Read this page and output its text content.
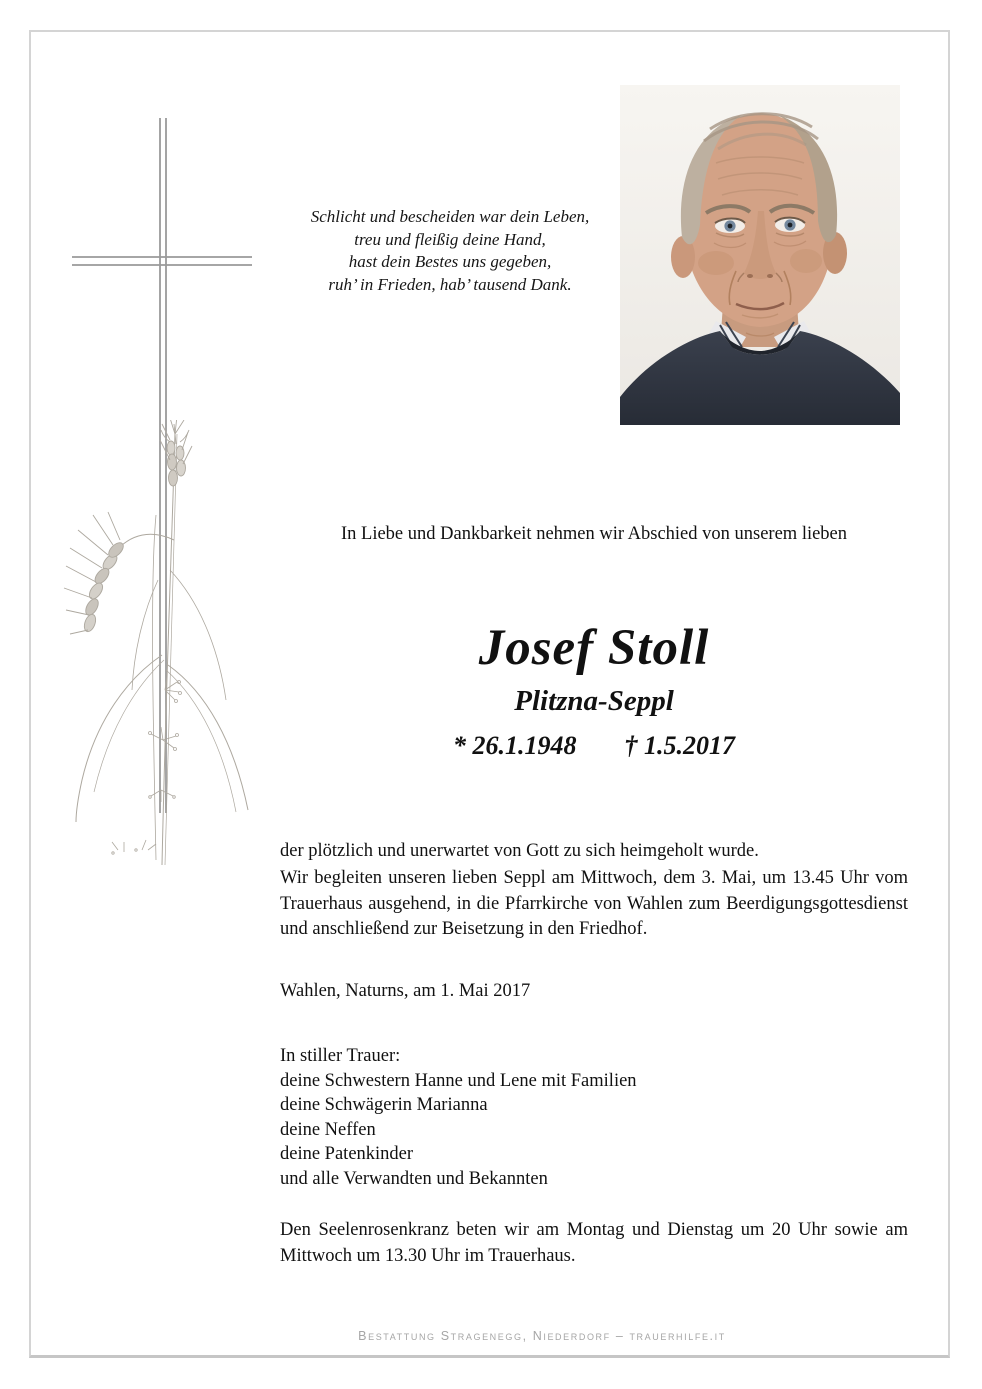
Schlicht und bescheiden war dein Leben,
treu und fleißig deine Hand,
hast dein Bestes uns gegeben,
ruh’ in Frieden, hab’ tausend Dank.
In Liebe und Dankbarkeit nehmen wir Abschied von unserem lieben
Josef Stoll
Plitzna-Seppl
* 26.1.1948 † 1.5.2017
der plötzlich und unerwartet von Gott zu sich heimgeholt wurde.
Wir begleiten unseren lieben Seppl am Mittwoch, dem 3. Mai, um 13.45 Uhr vom Trauerhaus ausgehend, in die Pfarrkirche von Wahlen zum Beerdigungsgottesdienst und anschließend zur Beisetzung in den Friedhof.
Wahlen, Naturns, am 1. Mai 2017
In stiller Trauer:
deine Schwestern Hanne und Lene mit Familien
deine Schwägerin Marianna
deine Neffen
deine Patenkinder
und alle Verwandten und Bekannten
Den Seelenrosenkranz beten wir am Montag und Dienstag um 20 Uhr sowie am Mittwoch um 13.30 Uhr im Trauerhaus.
Bestattung Stragenegg, Niederdorf – trauerhilfe.it
